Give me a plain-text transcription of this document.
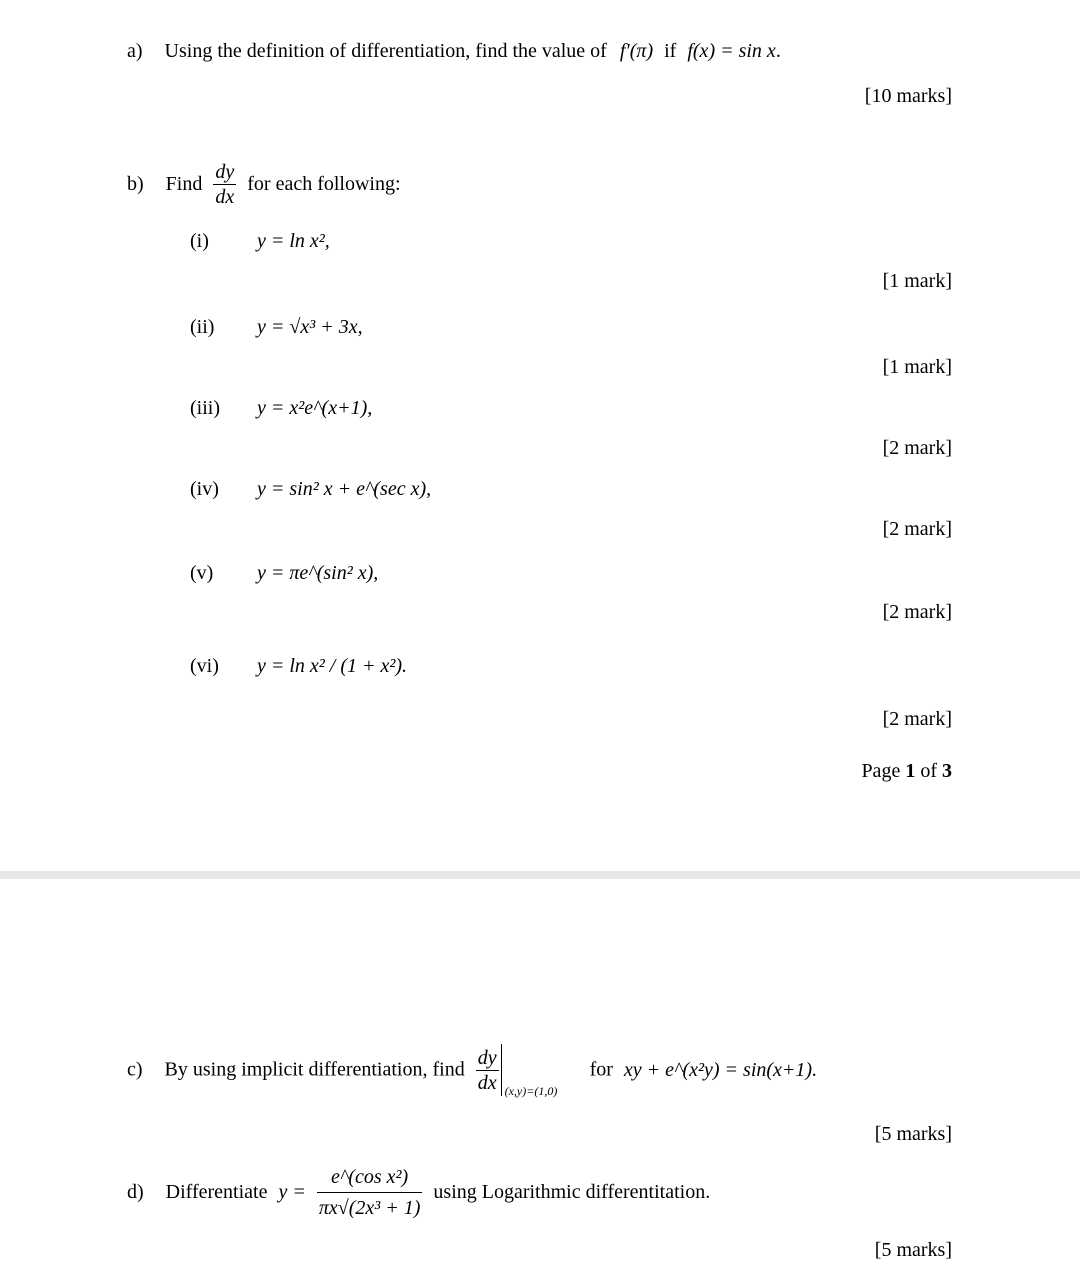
a) Using the definition of differentiation, find the value of f′(π) if f(x) = sin x.
[10 marks]
b) Find $\frac{dy}{dx}$ for each following:
(i) y = ln x²,
[1 mark]
(ii) y = √x³ + 3x,
[1 mark]
(iii) y = x²e^(x+1),
[2 mark]
(iv) y = sin² x + e^(sec x),
[2 mark]
(v) y = πe^(sin² x),
[2 mark]
(vi) y = ln x² / (1 + x²).
[2 mark]
Page 1 of 3
c) By using implicit differentiation, find $\frac{dy}{dx} (x,y)=(1,0)$
for xy + e^(x²y) = sin(x+1).
[5 marks]
d) Differentiate $y = \frac{\text{e\textasciicircum{}(cos x²)}}{\text{πx√(2x³ + 1)}}$ using Logarithmic differentitation.
[5 marks]
